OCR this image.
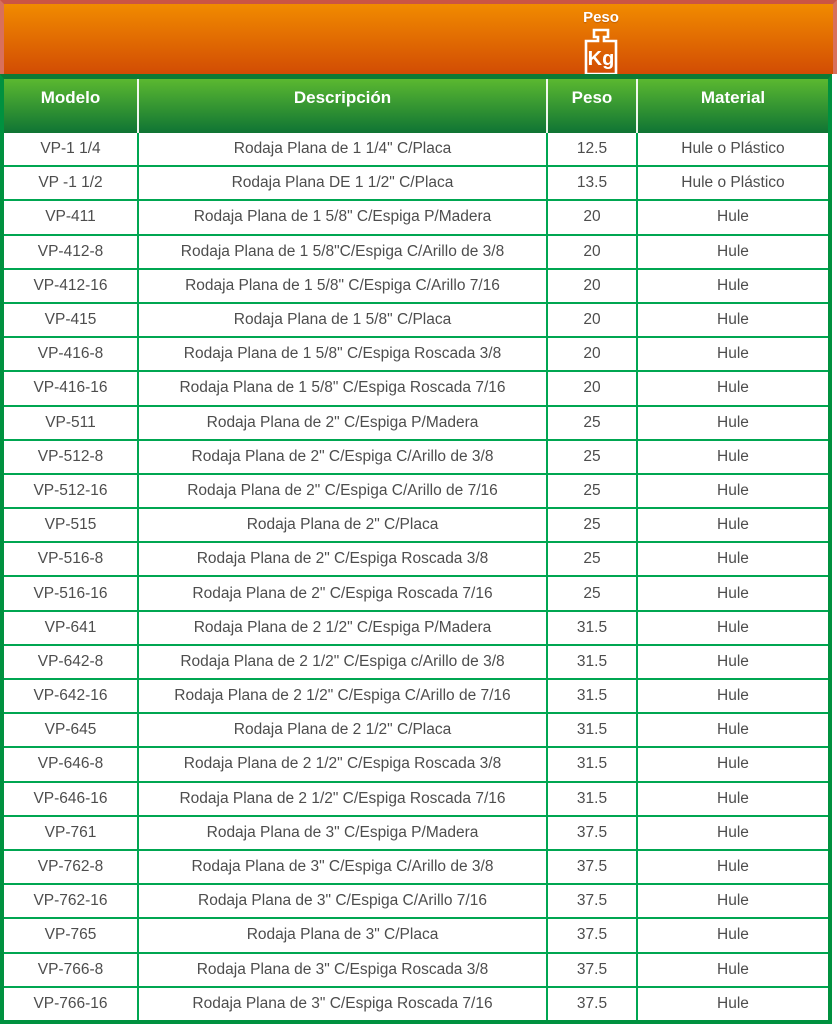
Peso
Kg
Modelo	Descripción	Peso	Material
VP-1 1/4	Rodaja Plana de 1 1/4" C/Placa	12.5	Hule o Plástico
VP -1 1/2	Rodaja Plana DE 1 1/2" C/Placa	13.5	Hule o Plástico
VP-411	Rodaja Plana de 1 5/8" C/Espiga P/Madera	20	Hule
VP-412-8	Rodaja Plana de 1 5/8"C/Espiga C/Arillo de 3/8	20	Hule
VP-412-16	Rodaja Plana de 1 5/8" C/Espiga C/Arillo 7/16	20	Hule
VP-415	Rodaja Plana de 1 5/8" C/Placa	20	Hule
VP-416-8	Rodaja Plana de 1 5/8" C/Espiga Roscada 3/8	20	Hule
VP-416-16	Rodaja Plana de 1 5/8" C/Espiga Roscada 7/16	20	Hule
VP-511	Rodaja Plana de 2" C/Espiga P/Madera	25	Hule
VP-512-8	Rodaja Plana de 2" C/Espiga C/Arillo de 3/8	25	Hule
VP-512-16	Rodaja Plana de 2" C/Espiga C/Arillo de 7/16	25	Hule
VP-515	Rodaja Plana de 2" C/Placa	25	Hule
VP-516-8	Rodaja Plana de 2" C/Espiga Roscada 3/8	25	Hule
VP-516-16	Rodaja Plana de 2" C/Espiga Roscada 7/16	25	Hule
VP-641	Rodaja Plana de 2 1/2" C/Espiga P/Madera	31.5	Hule
VP-642-8	Rodaja Plana de 2 1/2" C/Espiga c/Arillo de 3/8	31.5	Hule
VP-642-16	Rodaja Plana de 2 1/2" C/Espiga C/Arillo de 7/16	31.5	Hule
VP-645	Rodaja Plana de 2 1/2" C/Placa	31.5	Hule
VP-646-8	Rodaja Plana de 2 1/2" C/Espiga Roscada 3/8	31.5	Hule
VP-646-16	Rodaja Plana de 2 1/2" C/Espiga Roscada 7/16	31.5	Hule
VP-761	Rodaja Plana de 3" C/Espiga P/Madera	37.5	Hule
VP-762-8	Rodaja Plana de 3" C/Espiga C/Arillo de 3/8	37.5	Hule
VP-762-16	Rodaja Plana de 3" C/Espiga C/Arillo 7/16	37.5	Hule
VP-765	Rodaja Plana de 3" C/Placa	37.5	Hule
VP-766-8	Rodaja Plana de 3" C/Espiga Roscada 3/8	37.5	Hule
VP-766-16	Rodaja Plana de 3" C/Espiga Roscada 7/16	37.5	Hule
